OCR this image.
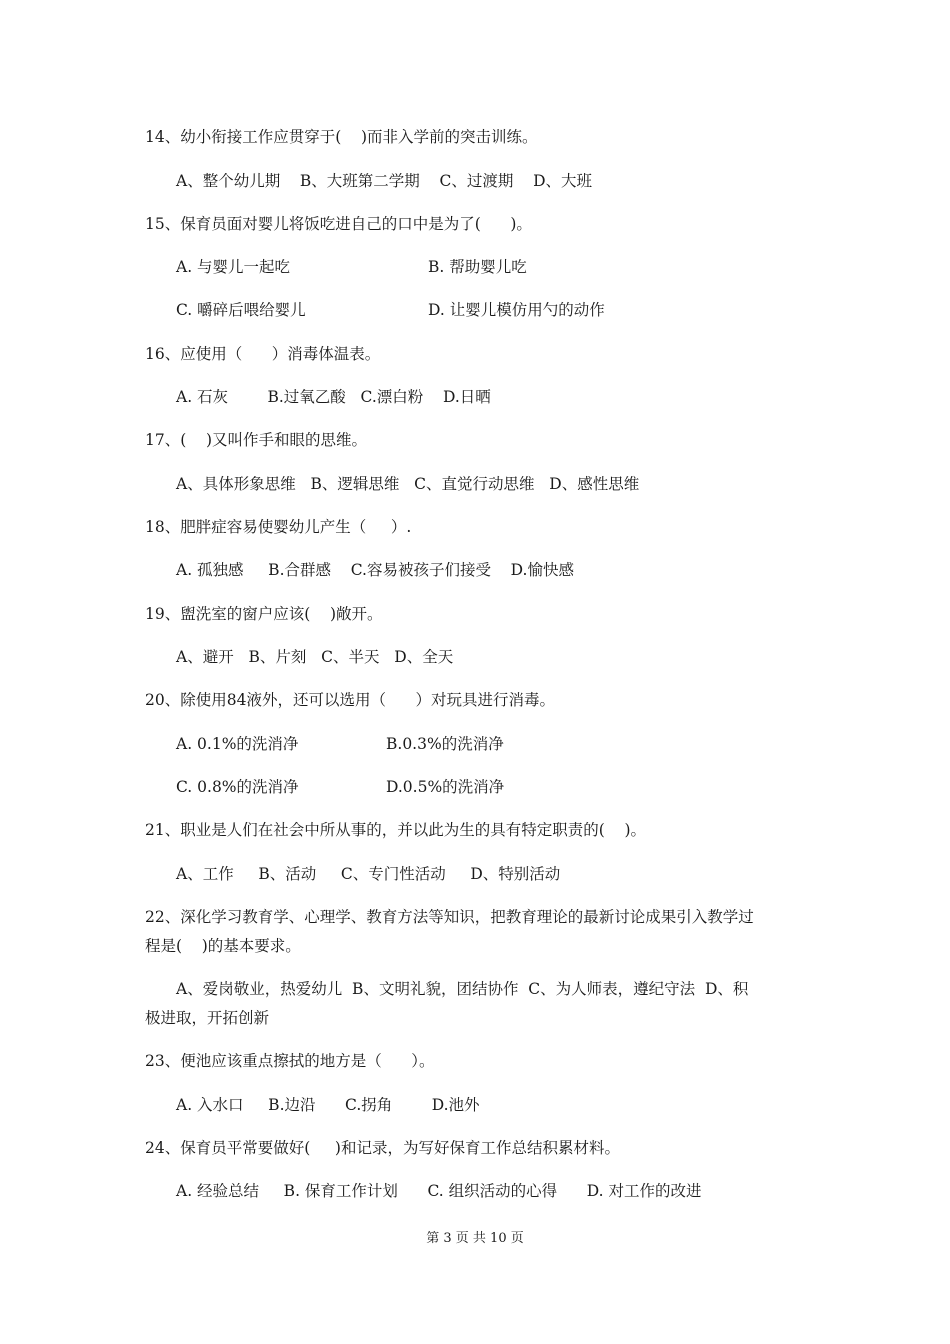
14、幼小衔接工作应贯穿于(    )而非入学前的突击训练。
A、整个幼儿期    B、大班第二学期    C、过渡期    D、大班
15、保育员面对婴儿将饭吃进自己的口中是为了(      )。
A. 与婴儿一起吃	B. 帮助婴儿吃
C. 嚼碎后喂给婴儿	D. 让婴儿模仿用勺的动作
16、应使用（      ）消毒体温表。
A. 石灰        B.过氧乙酸   C.漂白粉    D.日晒
17、(    )又叫作手和眼的思维。
A、具体形象思维   B、逻辑思维   C、直觉行动思维   D、感性思维
18、肥胖症容易使婴幼儿产生（     ）.
A. 孤独感     B.合群感    C.容易被孩子们接受    D.愉快感
19、盥洗室的窗户应该(    )敞开。
A、避开   B、片刻   C、半天   D、全天
20、除使用84液外，还可以选用（      ）对玩具进行消毒。
A. 0.1%的洗消净	B.0.3%的洗消净
C. 0.8%的洗消净	D.0.5%的洗消净
21、职业是人们在社会中所从事的，并以此为生的具有特定职责的(    )。
A、工作     B、活动     C、专门性活动     D、特别活动
22、深化学习教育学、心理学、教育方法等知识，把教育理论的最新讨论成果引入教学过
程是(    )的基本要求。
A、爱岗敬业，热爱幼儿  B、文明礼貌，团结协作  C、为人师表，遵纪守法  D、积
极进取，开拓创新
23、便池应该重点擦拭的地方是（      ）。
A. 入水口     B.边沿      C.拐角        D.池外
24、保育员平常要做好(     )和记录，为写好保育工作总结积累材料。
A. 经验总结     B. 保育工作计划      C. 组织活动的心得      D. 对工作的改进
第 3 页 共 10 页
